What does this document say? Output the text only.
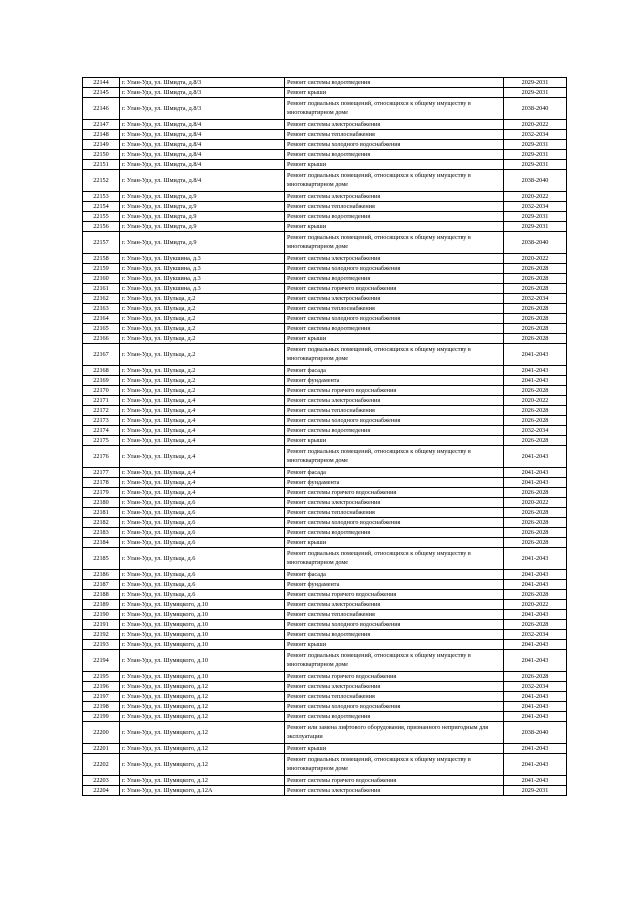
22144	г. Улан-Удэ, ул. Шмидта, д.8/3	Ремонт системы водоотведения	2029-2031
22145	г. Улан-Удэ, ул. Шмидта, д.8/3	Ремонт крыши	2029-2031
22146	г. Улан-Удэ, ул. Шмидта, д.8/3	Ремонт подвальных помещений, относящихся к общему имуществу в многоквартирном доме	2038-2040
22147	г. Улан-Удэ, ул. Шмидта, д.8/4	Ремонт системы электроснабжения	2020-2022
22148	г. Улан-Удэ, ул. Шмидта, д.8/4	Ремонт системы теплоснабжения	2032-2034
22149	г. Улан-Удэ, ул. Шмидта, д.8/4	Ремонт системы холодного водоснабжения	2029-2031
22150	г. Улан-Удэ, ул. Шмидта, д.8/4	Ремонт системы водоотведения	2029-2031
22151	г. Улан-Удэ, ул. Шмидта, д.8/4	Ремонт крыши	2029-2031
22152	г. Улан-Удэ, ул. Шмидта, д.8/4	Ремонт подвальных помещений, относящихся к общему имуществу в многоквартирном доме	2038-2040
22153	г. Улан-Удэ, ул. Шмидта, д.9	Ремонт системы электроснабжения	2020-2022
22154	г. Улан-Удэ, ул. Шмидта, д.9	Ремонт системы теплоснабжения	2032-2034
22155	г. Улан-Удэ, ул. Шмидта, д.9	Ремонт системы водоотведения	2029-2031
22156	г. Улан-Удэ, ул. Шмидта, д.9	Ремонт крыши	2029-2031
22157	г. Улан-Удэ, ул. Шмидта, д.9	Ремонт подвальных помещений, относящихся к общему имуществу в многоквартирном доме	2038-2040
22158	г. Улан-Удэ, ул. Шукшина, д.3	Ремонт системы электроснабжения	2020-2022
22159	г. Улан-Удэ, ул. Шукшина, д.3	Ремонт системы холодного водоснабжения	2026-2028
22160	г. Улан-Удэ, ул. Шукшина, д.3	Ремонт системы водоотведения	2026-2028
22161	г. Улан-Удэ, ул. Шукшина, д.3	Ремонт системы горячего водоснабжения	2026-2028
22162	г. Улан-Удэ, ул. Шульца, д.2	Ремонт системы электроснабжения	2032-2034
22163	г. Улан-Удэ, ул. Шульца, д.2	Ремонт системы теплоснабжения	2026-2028
22164	г. Улан-Удэ, ул. Шульца, д.2	Ремонт системы холодного водоснабжения	2026-2028
22165	г. Улан-Удэ, ул. Шульца, д.2	Ремонт системы водоотведения	2026-2028
22166	г. Улан-Удэ, ул. Шульца, д.2	Ремонт крыши	2026-2028
22167	г. Улан-Удэ, ул. Шульца, д.2	Ремонт подвальных помещений, относящихся к общему имуществу в многоквартирном доме	2041-2043
22168	г. Улан-Удэ, ул. Шульца, д.2	Ремонт фасада	2041-2043
22169	г. Улан-Удэ, ул. Шульца, д.2	Ремонт фундамента	2041-2043
22170	г. Улан-Удэ, ул. Шульца, д.2	Ремонт системы горячего водоснабжения	2026-2028
22171	г. Улан-Удэ, ул. Шульца, д.4	Ремонт системы электроснабжения	2020-2022
22172	г. Улан-Удэ, ул. Шульца, д.4	Ремонт системы теплоснабжения	2026-2028
22173	г. Улан-Удэ, ул. Шульца, д.4	Ремонт системы холодного водоснабжения	2026-2028
22174	г. Улан-Удэ, ул. Шульца, д.4	Ремонт системы водоотведения	2032-2034
22175	г. Улан-Удэ, ул. Шульца, д.4	Ремонт крыши	2026-2028
22176	г. Улан-Удэ, ул. Шульца, д.4	Ремонт подвальных помещений, относящихся к общему имуществу в многоквартирном доме	2041-2043
22177	г. Улан-Удэ, ул. Шульца, д.4	Ремонт фасада	2041-2043
22178	г. Улан-Удэ, ул. Шульца, д.4	Ремонт фундамента	2041-2043
22179	г. Улан-Удэ, ул. Шульца, д.4	Ремонт системы горячего водоснабжения	2026-2028
22180	г. Улан-Удэ, ул. Шульца, д.6	Ремонт системы электроснабжения	2020-2022
22181	г. Улан-Удэ, ул. Шульца, д.6	Ремонт системы теплоснабжения	2026-2028
22182	г. Улан-Удэ, ул. Шульца, д.6	Ремонт системы холодного водоснабжения	2026-2028
22183	г. Улан-Удэ, ул. Шульца, д.6	Ремонт системы водоотведения	2026-2028
22184	г. Улан-Удэ, ул. Шульца, д.6	Ремонт крыши	2026-2028
22185	г. Улан-Удэ, ул. Шульца, д.6	Ремонт подвальных помещений, относящихся к общему имуществу в многоквартирном доме	2041-2043
22186	г. Улан-Удэ, ул. Шульца, д.6	Ремонт фасада	2041-2043
22187	г. Улан-Удэ, ул. Шульца, д.6	Ремонт фундамента	2041-2043
22188	г. Улан-Удэ, ул. Шульца, д.6	Ремонт системы горячего водоснабжения	2026-2028
22189	г. Улан-Удэ, ул. Шумяцкого, д.10	Ремонт системы электроснабжения	2020-2022
22190	г. Улан-Удэ, ул. Шумяцкого, д.10	Ремонт системы теплоснабжения	2041-2043
22191	г. Улан-Удэ, ул. Шумяцкого, д.10	Ремонт системы холодного водоснабжения	2026-2028
22192	г. Улан-Удэ, ул. Шумяцкого, д.10	Ремонт системы водоотведения	2032-2034
22193	г. Улан-Удэ, ул. Шумяцкого, д.10	Ремонт крыши	2041-2043
22194	г. Улан-Удэ, ул. Шумяцкого, д.10	Ремонт подвальных помещений, относящихся к общему имуществу в многоквартирном доме	2041-2043
22195	г. Улан-Удэ, ул. Шумяцкого, д.10	Ремонт системы горячего водоснабжения	2026-2028
22196	г. Улан-Удэ, ул. Шумяцкого, д.12	Ремонт системы электроснабжения	2032-2034
22197	г. Улан-Удэ, ул. Шумяцкого, д.12	Ремонт системы теплоснабжения	2041-2043
22198	г. Улан-Удэ, ул. Шумяцкого, д.12	Ремонт системы холодного водоснабжения	2041-2043
22199	г. Улан-Удэ, ул. Шумяцкого, д.12	Ремонт системы водоотведения	2041-2043
22200	г. Улан-Удэ, ул. Шумяцкого, д.12	Ремонт или замена лифтового оборудования, признанного непригодным для эксплуатации	2038-2040
22201	г. Улан-Удэ, ул. Шумяцкого, д.12	Ремонт крыши	2041-2043
22202	г. Улан-Удэ, ул. Шумяцкого, д.12	Ремонт подвальных помещений, относящихся к общему имуществу в многоквартирном доме	2041-2043
22203	г. Улан-Удэ, ул. Шумяцкого, д.12	Ремонт системы горячего водоснабжения	2041-2043
22204	г. Улан-Удэ, ул. Шумяцкого, д.12А	Ремонт системы электроснабжения	2029-2031
